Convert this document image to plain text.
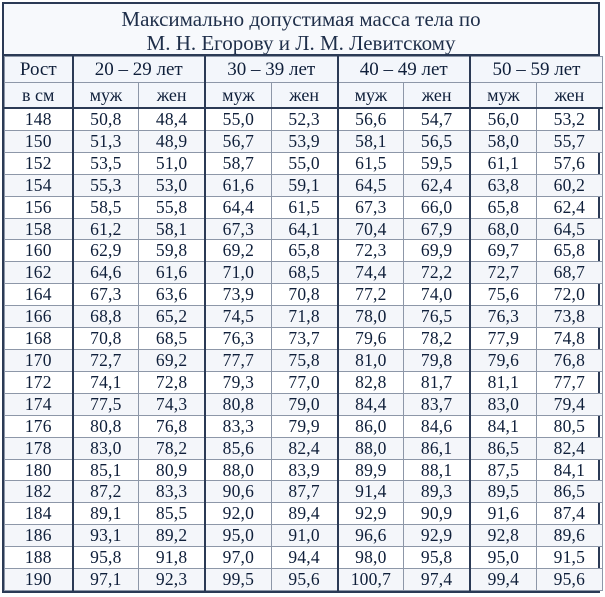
Максимально допустимая масса тела по
М. Н. Егорову и Л. М. Левитскому
Рост	20 – 29 лет		30 – 39 лет		40 – 49 лет		50 – 59 лет	
в см	муж	жен	муж	жен	муж	жен	муж	жен
148	50,8	48,4	55,0	52,3	56,6	54,7	56,0	53,2
150	51,3	48,9	56,7	53,9	58,1	56,5	58,0	55,7
152	53,5	51,0	58,7	55,0	61,5	59,5	61,1	57,6
154	55,3	53,0	61,6	59,1	64,5	62,4	63,8	60,2
156	58,5	55,8	64,4	61,5	67,3	66,0	65,8	62,4
158	61,2	58,1	67,3	64,1	70,4	67,9	68,0	64,5
160	62,9	59,8	69,2	65,8	72,3	69,9	69,7	65,8
162	64,6	61,6	71,0	68,5	74,4	72,2	72,7	68,7
164	67,3	63,6	73,9	70,8	77,2	74,0	75,6	72,0
166	68,8	65,2	74,5	71,8	78,0	76,5	76,3	73,8
168	70,8	68,5	76,3	73,7	79,6	78,2	77,9	74,8
170	72,7	69,2	77,7	75,8	81,0	79,8	79,6	76,8
172	74,1	72,8	79,3	77,0	82,8	81,7	81,1	77,7
174	77,5	74,3	80,8	79,0	84,4	83,7	83,0	79,4
176	80,8	76,8	83,3	79,9	86,0	84,6	84,1	80,5
178	83,0	78,2	85,6	82,4	88,0	86,1	86,5	82,4
180	85,1	80,9	88,0	83,9	89,9	88,1	87,5	84,1
182	87,2	83,3	90,6	87,7	91,4	89,3	89,5	86,5
184	89,1	85,5	92,0	89,4	92,9	90,9	91,6	87,4
186	93,1	89,2	95,0	91,0	96,6	92,9	92,8	89,6
188	95,8	91,8	97,0	94,4	98,0	95,8	95,0	91,5
190	97,1	92,3	99,5	95,6	100,7	97,4	99,4	95,6
